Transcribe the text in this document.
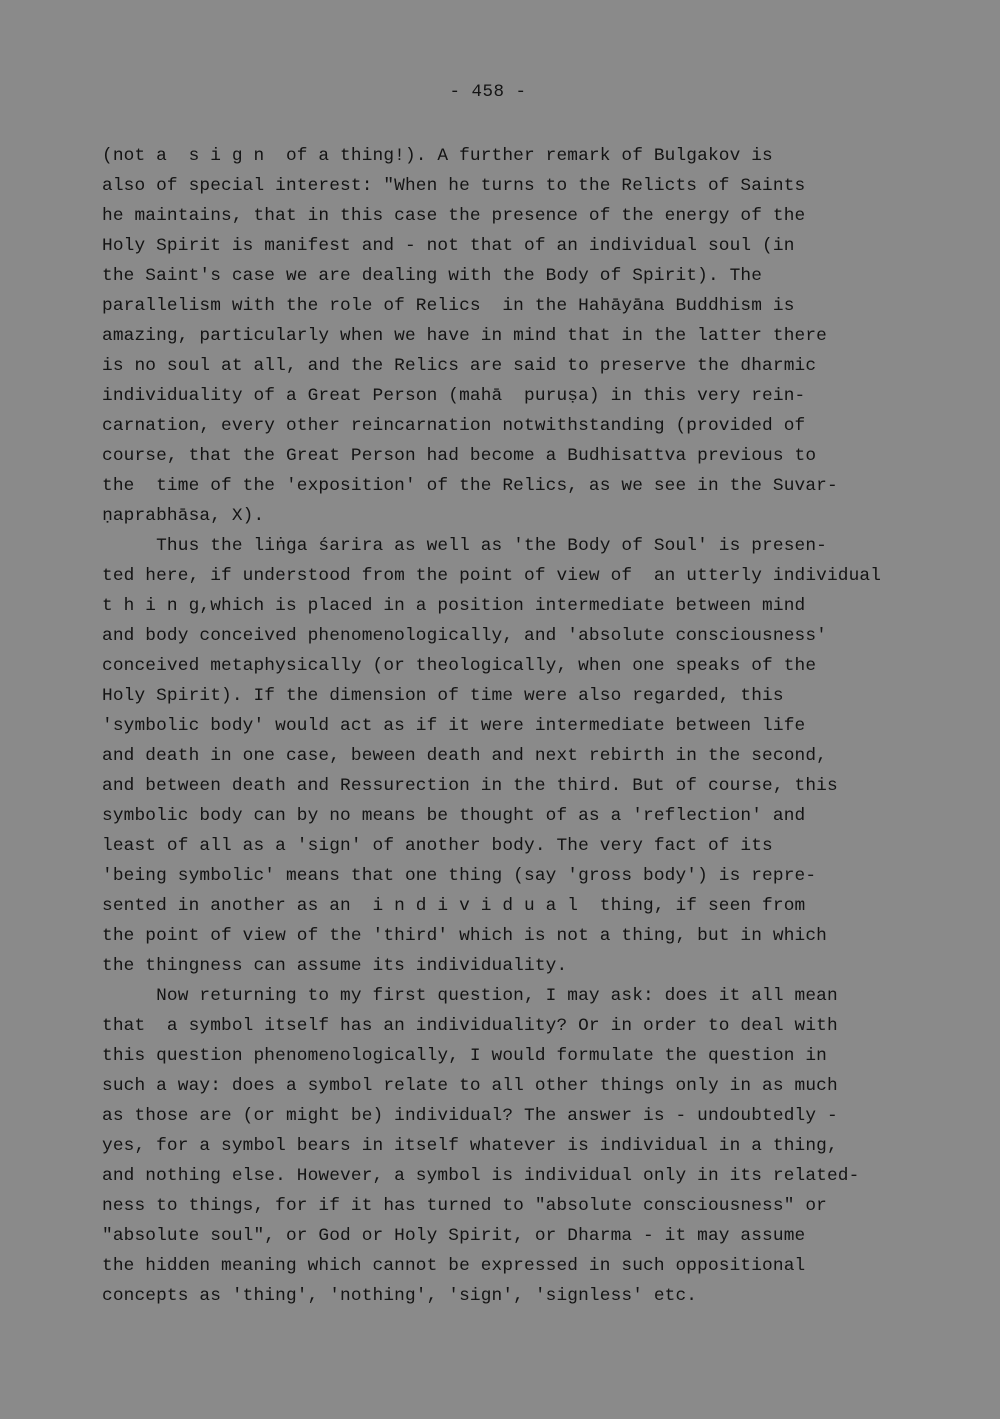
- 458 -
(not a  s i g n  of a thing!). A further remark of Bulgakov is
also of special interest: "When he turns to the Relicts of Saints
he maintains, that in this case the presence of the energy of the
Holy Spirit is manifest and - not that of an individual soul (in
the Saint's case we are dealing with the Body of Spirit). The
parallelism with the role of Relics  in the Hahāyāna Buddhism is
amazing, particularly when we have in mind that in the latter there
is no soul at all, and the Relics are said to preserve the dharmic
individuality of a Great Person (mahā  puruṣa) in this very rein-
carnation, every other reincarnation notwithstanding (provided of
course, that the Great Person had become a Budhisattva previous to
the  time of the 'exposition' of the Relics, as we see in the Suvar-
ṇaprabhāsa, X).
Thus the liṅga śarira as well as 'the Body of Soul' is presen-
ted here, if understood from the point of view of  an utterly individual
t h i n g,which is placed in a position intermediate between mind
and body conceived phenomenologically, and 'absolute consciousness'
conceived metaphysically (or theologically, when one speaks of the
Holy Spirit). If the dimension of time were also regarded, this
'symbolic body' would act as if it were intermediate between life
and death in one case, beween death and next rebirth in the second,
and between death and Ressurection in the third. But of course, this
symbolic body can by no means be thought of as a 'reflection' and
least of all as a 'sign' of another body. The very fact of its
'being symbolic' means that one thing (say 'gross body') is repre-
sented in another as an  i n d i v i d u a l  thing, if seen from
the point of view of the 'third' which is not a thing, but in which
the thingness can assume its individuality.
Now returning to my first question, I may ask: does it all mean
that  a symbol itself has an individuality? Or in order to deal with
this question phenomenologically, I would formulate the question in
such a way: does a symbol relate to all other things only in as much
as those are (or might be) individual? The answer is - undoubtedly -
yes, for a symbol bears in itself whatever is individual in a thing,
and nothing else. However, a symbol is individual only in its related-
ness to things, for if it has turned to "absolute consciousness" or
"absolute soul", or God or Holy Spirit, or Dharma - it may assume
the hidden meaning which cannot be expressed in such oppositional
concepts as 'thing', 'nothing', 'sign', 'signless' etc.
